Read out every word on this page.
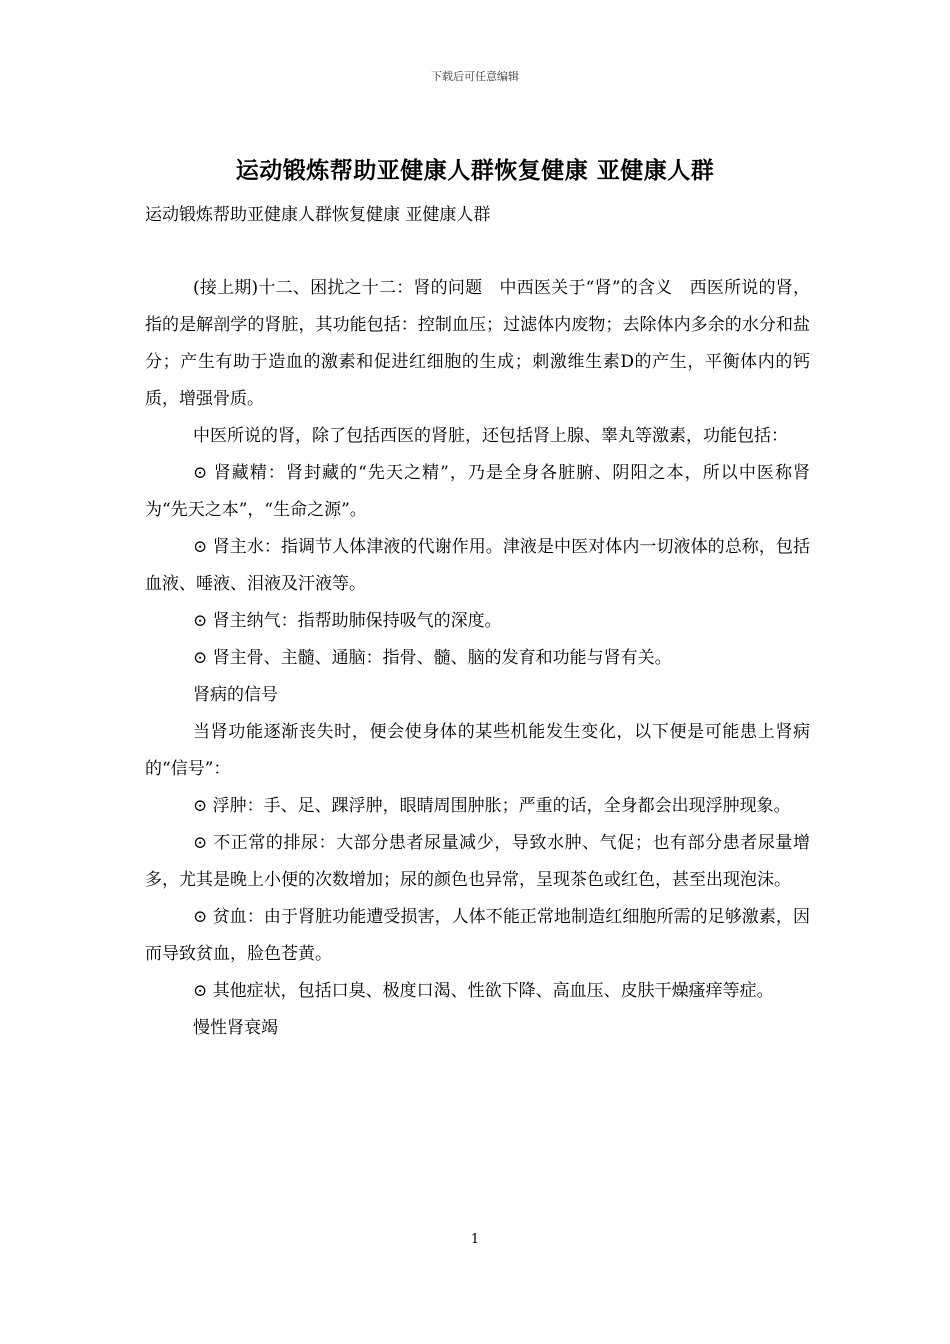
下载后可任意编辑
运动锻炼帮助亚健康人群恢复健康 亚健康人群
运动锻炼帮助亚健康人群恢复健康 亚健康人群

(接上期)十二、困扰之十二：肾的问题　中西医关于“肾”的含义　西医所说的肾，指的是解剖学的肾脏，其功能包括：控制血压；过滤体内废物；去除体内多余的水分和盐分；产生有助于造血的激素和促进红细胞的生成；刺激维生素D的产生，平衡体内的钙质，增强骨质。

中医所说的肾，除了包括西医的肾脏，还包括肾上腺、睾丸等激素，功能包括：

⊙ 肾藏精：肾封藏的“先天之精”，乃是全身各脏腑、阴阳之本，所以中医称肾为“先天之本”，“生命之源”。

⊙ 肾主水：指调节人体津液的代谢作用。津液是中医对体内一切液体的总称，包括血液、唾液、泪液及汗液等。

⊙ 肾主纳气：指帮助肺保持吸气的深度。

⊙ 肾主骨、主髓、通脑：指骨、髓、脑的发育和功能与肾有关。

肾病的信号

当肾功能逐渐丧失时，便会使身体的某些机能发生变化，以下便是可能患上肾病的“信号”：

⊙ 浮肿：手、足、踝浮肿，眼睛周围肿胀；严重的话，全身都会出现浮肿现象。

⊙ 不正常的排尿：大部分患者尿量减少，导致水肿、气促；也有部分患者尿量增多，尤其是晚上小便的次数增加；尿的颜色也异常，呈现茶色或红色，甚至出现泡沫。

⊙ 贫血：由于肾脏功能遭受损害，人体不能正常地制造红细胞所需的足够激素，因而导致贫血，脸色苍黄。

⊙ 其他症状，包括口臭、极度口渴、性欲下降、高血压、皮肤干燥瘙痒等症。

慢性肾衰竭

1
